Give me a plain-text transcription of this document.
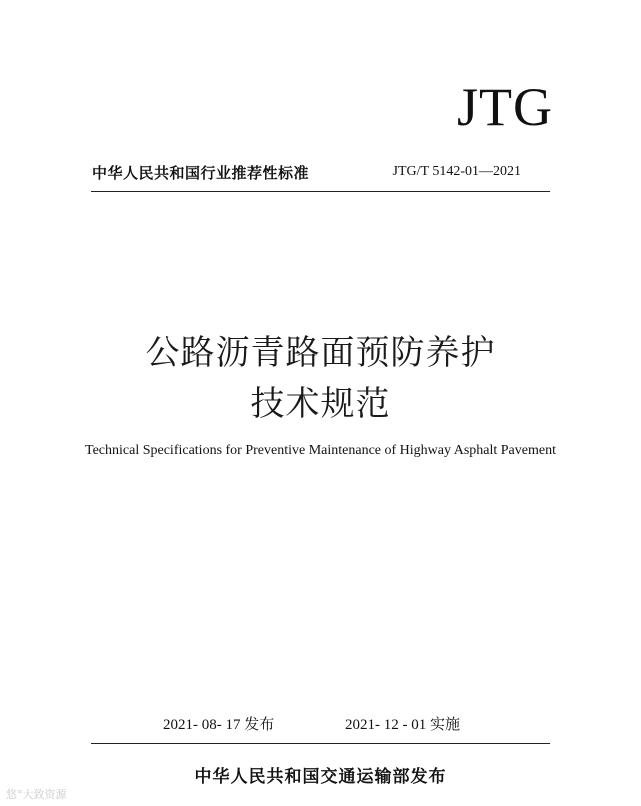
JTG
中华人民共和国行业推荐性标准	JTG/T 5142-01—2021
公路沥青路面预防养护
技术规范
Technical Specifications for Preventive Maintenance of Highway Asphalt Pavement
2021- 08- 17 发布	2021- 12 - 01 实施
中华人民共和国交通运输部发布
悠°大致资源
